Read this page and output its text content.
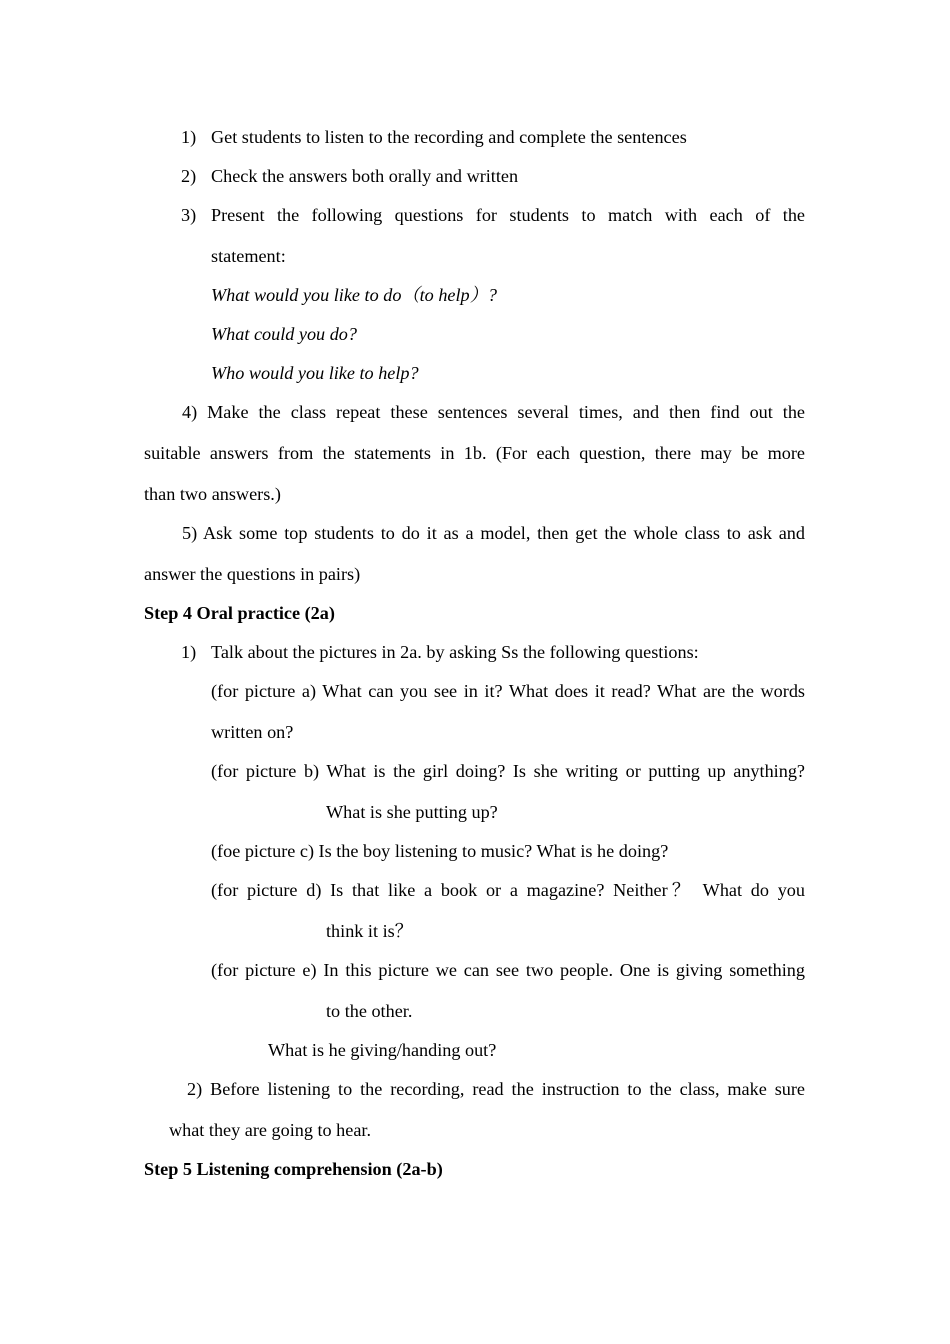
1) Get students to listen to the recording and complete the sentences
2) Check the answers both orally and written
3) Present the following questions for students to match with each of the
statement:
What would you like to do（to help）?
What could you do?
Who would you like to help?
4) Make the class repeat these sentences several times, and then find out the
suitable answers from the statements in 1b. (For each question, there may be more
than two answers.)
5) Ask some top students to do it as a model, then get the whole class to ask and
answer the questions in pairs)
Step 4 Oral practice (2a)
1) Talk about the pictures in 2a. by asking Ss the following questions:
(for picture a) What can you see in it? What does it read? What are the words
written on?
(for picture b) What is the girl doing? Is she writing or putting up anything?
What is she putting up?
(foe picture c) Is the boy listening to music? What is he doing?
(for picture d) Is that like a book or a magazine? Neither？ What do you
think it is？
(for picture e) In this picture we can see two people. One is giving something
to the other.
What is he giving/handing out?
2) Before listening to the recording, read the instruction to the class, make sure
what they are going to hear.
Step 5 Listening comprehension (2a-b)
